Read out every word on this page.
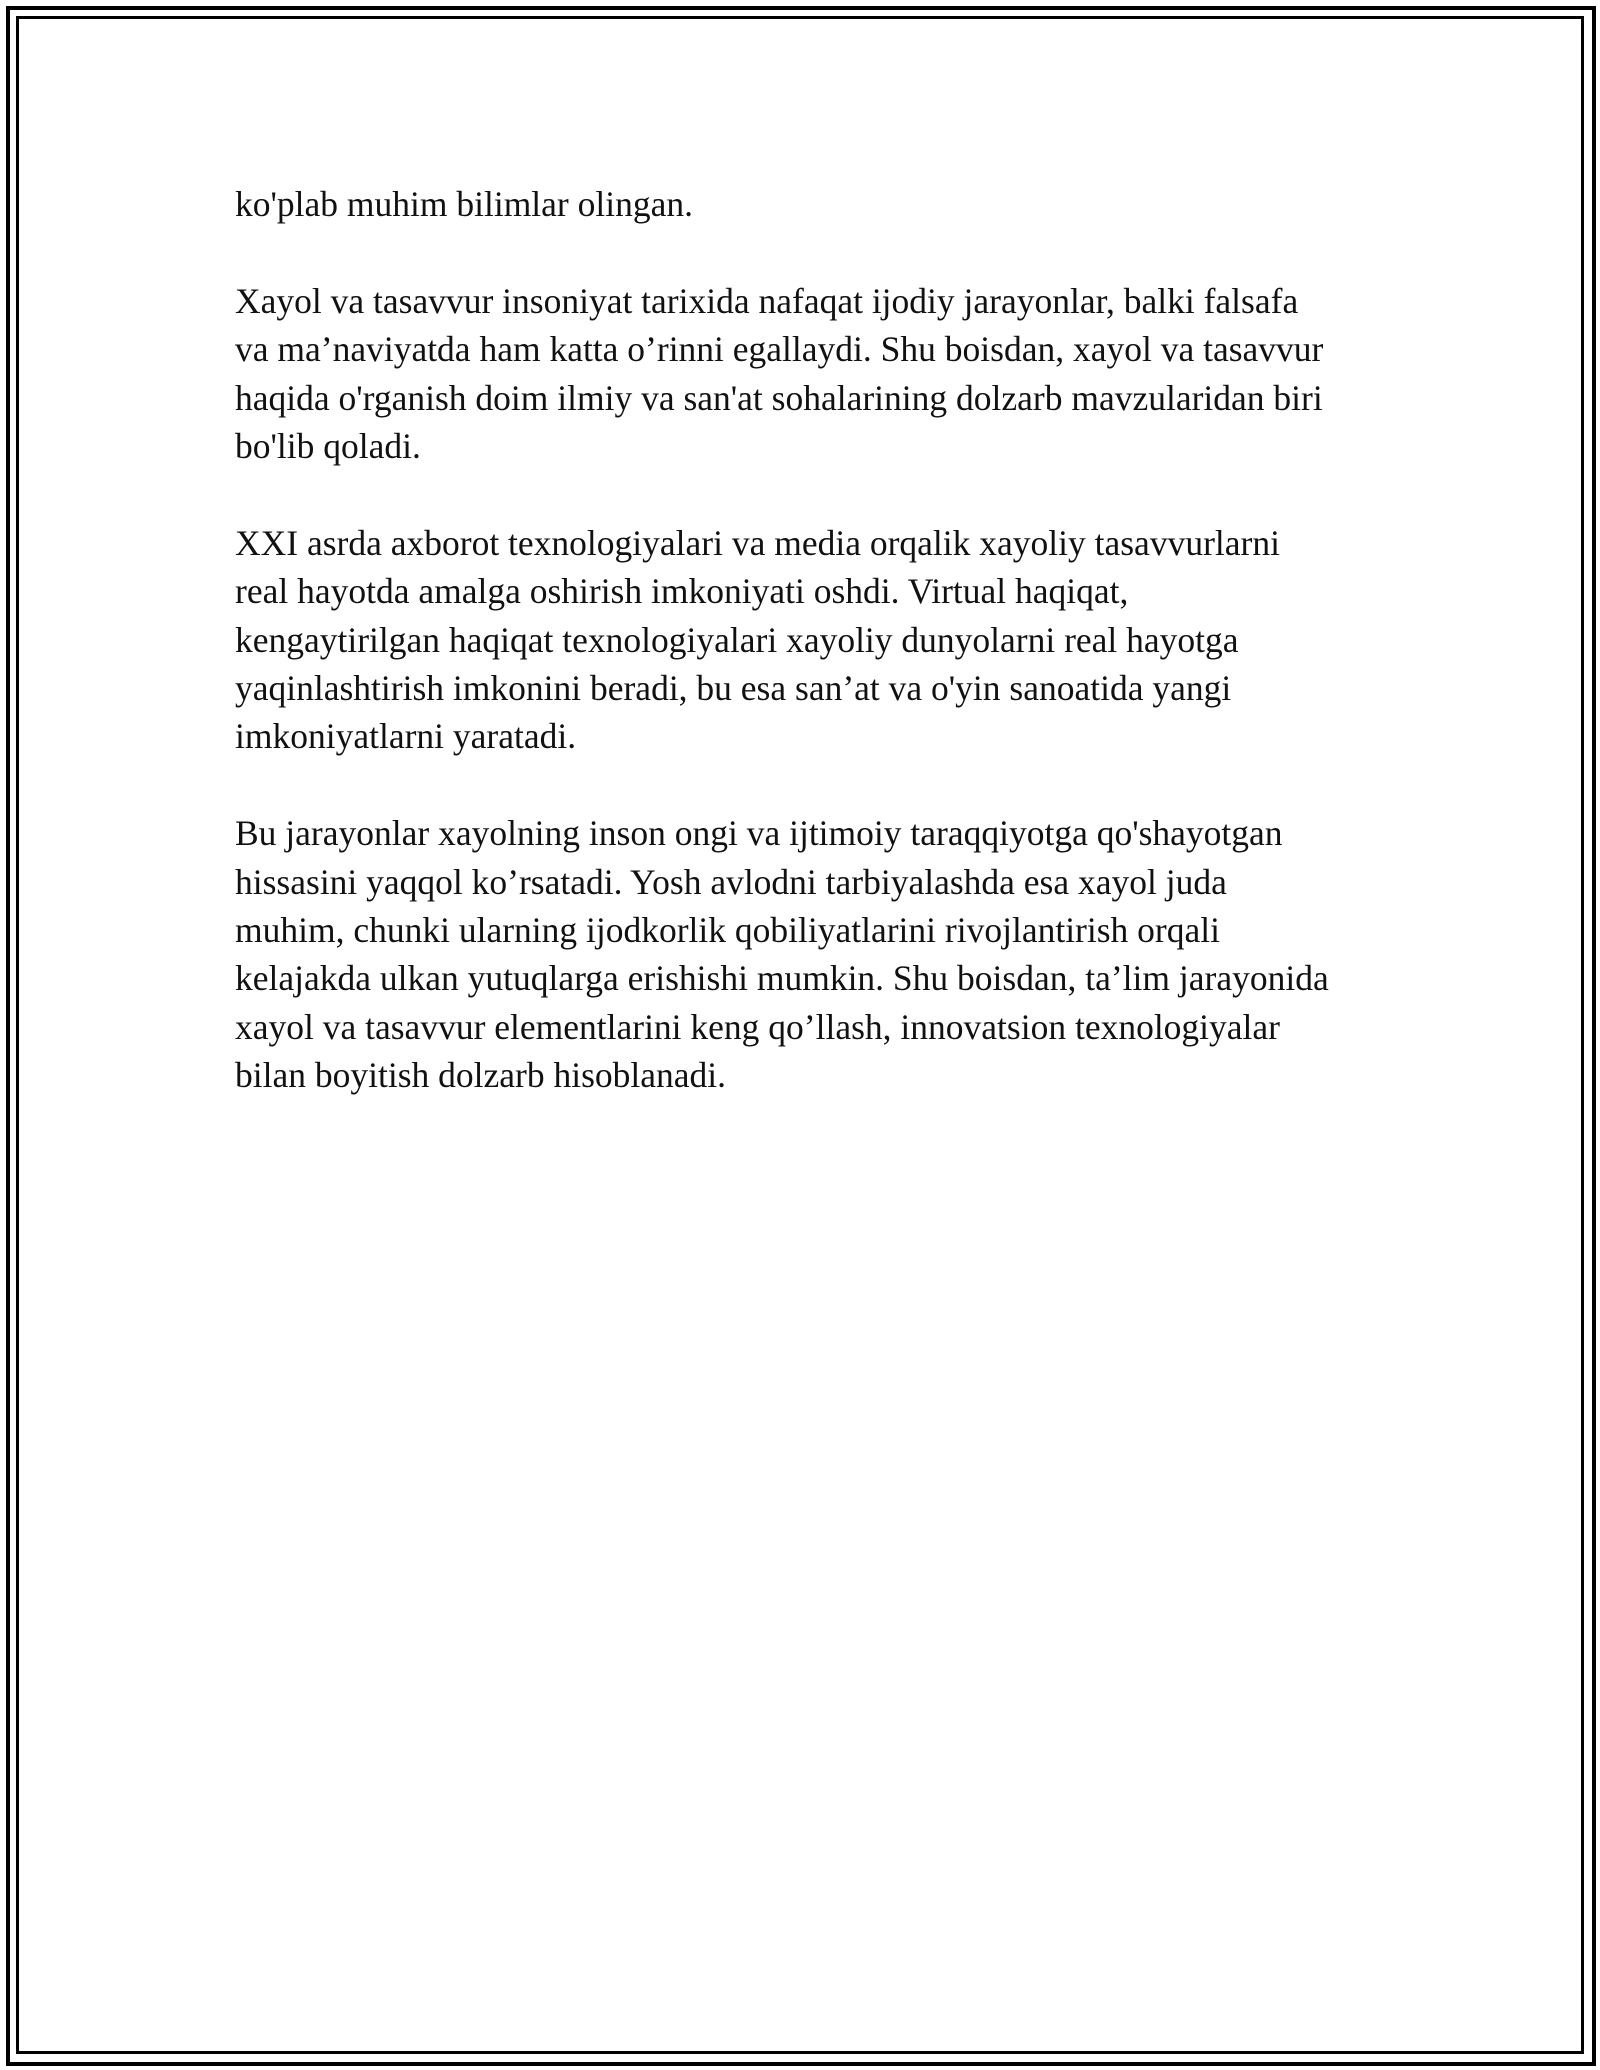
ko'plab muhim bilimlar olingan.

Xayol va tasavvur insoniyat tarixida nafaqat ijodiy jarayonlar, balki falsafa
va ma’naviyatda ham katta o’rinni egallaydi. Shu boisdan, xayol va tasavvur
haqida o'rganish doim ilmiy va san'at sohalarining dolzarb mavzularidan biri
bo'lib qoladi.

XXI asrda axborot texnologiyalari va media orqalik xayoliy tasavvurlarni
real hayotda amalga oshirish imkoniyati oshdi. Virtual haqiqat,
kengaytirilgan haqiqat texnologiyalari xayoliy dunyolarni real hayotga
yaqinlashtirish imkonini beradi, bu esa san’at va o'yin sanoatida yangi
imkoniyatlarni yaratadi.

Bu jarayonlar xayolning inson ongi va ijtimoiy taraqqiyotga qo'shayotgan
hissasini yaqqol ko’rsatadi. Yosh avlodni tarbiyalashda esa xayol juda
muhim, chunki ularning ijodkorlik qobiliyatlarini rivojlantirish orqali
kelajakda ulkan yutuqlarga erishishi mumkin. Shu boisdan, ta’lim jarayonida
xayol va tasavvur elementlarini keng qo’llash, innovatsion texnologiyalar
bilan boyitish dolzarb hisoblanadi.
